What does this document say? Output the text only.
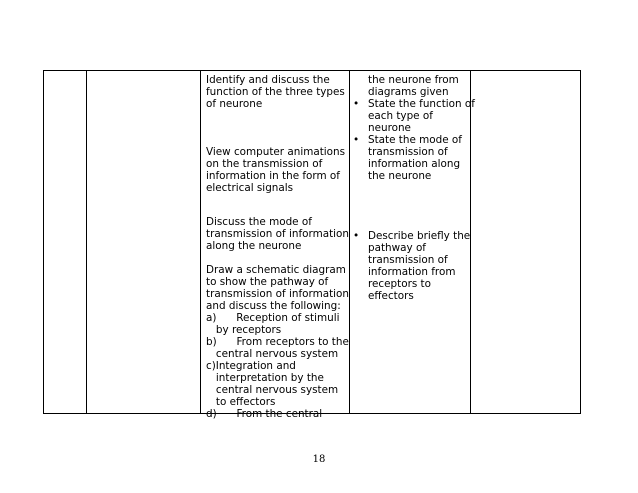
Identify and discuss the
function of the three types
of neurone
View computer animations
on the transmission of
information in the form of
electrical signals
Discuss the mode of
transmission of information
along the neurone
Draw a schematic diagram
to show the pathway of
transmission of information
and discuss the following:
a)      Reception of stimuli
by receptors
b)      From receptors to the
central nervous system
c)Integration and
interpretation by the
central nervous system
to effectors
d)      From the central
the neurone from
diagrams given
• State the function of
each type of
neurone
• State the mode of
transmission of
information along
the neurone
• Describe briefly the
pathway of
transmission of
information from
receptors to
effectors
18
